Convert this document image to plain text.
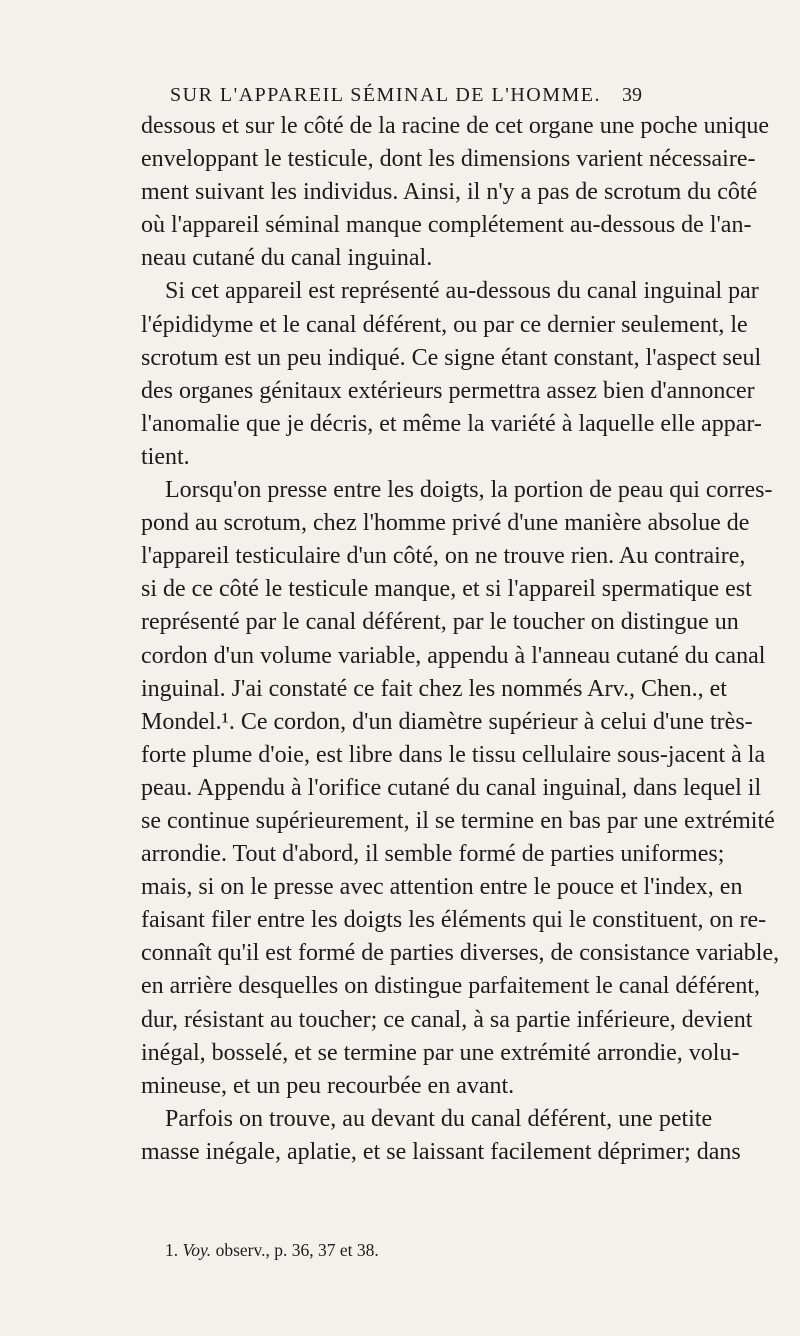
SUR L'APPAREIL SÉMINAL DE L'HOMME. 39
dessous et sur le côté de la racine de cet organe une poche unique
enveloppant le testicule, dont les dimensions varient nécessaire-
ment suivant les individus. Ainsi, il n'y a pas de scrotum du côté
où l'appareil séminal manque complétement au-dessous de l'an-
neau cutané du canal inguinal.
Si cet appareil est représenté au-dessous du canal inguinal par
l'épididyme et le canal déférent, ou par ce dernier seulement, le
scrotum est un peu indiqué. Ce signe étant constant, l'aspect seul
des organes génitaux extérieurs permettra assez bien d'annoncer
l'anomalie que je décris, et même la variété à laquelle elle appar-
tient.
Lorsqu'on presse entre les doigts, la portion de peau qui corres-
pond au scrotum, chez l'homme privé d'une manière absolue de
l'appareil testiculaire d'un côté, on ne trouve rien. Au contraire,
si de ce côté le testicule manque, et si l'appareil spermatique est
représenté par le canal déférent, par le toucher on distingue un
cordon d'un volume variable, appendu à l'anneau cutané du canal
inguinal. J'ai constaté ce fait chez les nommés Arv., Chen., et
Mondel.¹. Ce cordon, d'un diamètre supérieur à celui d'une très-
forte plume d'oie, est libre dans le tissu cellulaire sous-jacent à la
peau. Appendu à l'orifice cutané du canal inguinal, dans lequel il
se continue supérieurement, il se termine en bas par une extrémité
arrondie. Tout d'abord, il semble formé de parties uniformes;
mais, si on le presse avec attention entre le pouce et l'index, en
faisant filer entre les doigts les éléments qui le constituent, on re-
connaît qu'il est formé de parties diverses, de consistance variable,
en arrière desquelles on distingue parfaitement le canal déférent,
dur, résistant au toucher; ce canal, à sa partie inférieure, devient
inégal, bosselé, et se termine par une extrémité arrondie, volu-
mineuse, et un peu recourbée en avant.
Parfois on trouve, au devant du canal déférent, une petite
masse inégale, aplatie, et se laissant facilement déprimer; dans
1. Voy. observ., p. 36, 37 et 38.
